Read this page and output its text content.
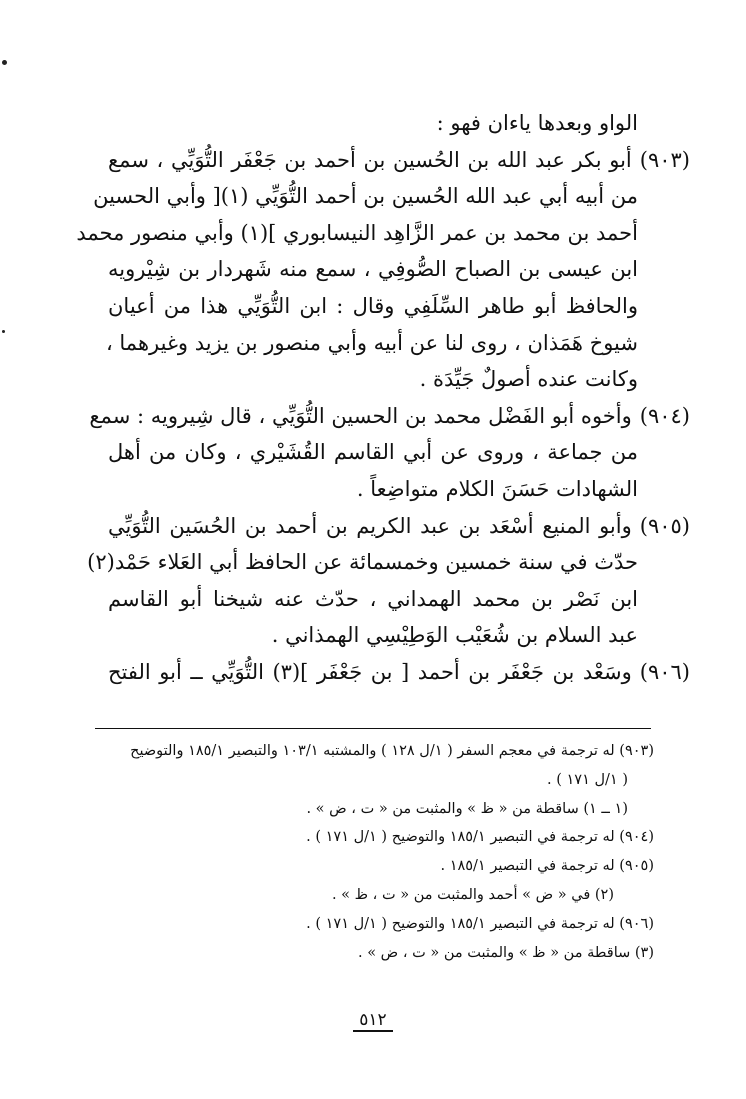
الواو وبعدها ياءان فهو :
(٩٠٣)أبو بكر عبد الله بن الحُسين بن أحمد بن جَعْفَر التُّوَيِّي ، سمع
من أبيه أبي عبد الله الحُسين بن أحمد التُّوَيِّي (١)[ وأبي الحسين
أحمد بن محمد بن عمر الزَّاهِد النيسابوري ](١) وأبي منصور محمد
ابن عيسى بن الصباح الصُّوفِي ، سمع منه شَهردار بن شِيْرويه
والحافظ أبو طاهر السِّلَفِي وقال : ابن التُّوَيِّي هذا من أعيان
شيوخ هَمَذان ، روى لنا عن أبيه وأبي منصور بن يزيد وغيرهما ،
وكانت عنده أصولٌ جَيِّدَة .
(٩٠٤)وأخوه أبو الفَضْل محمد بن الحسين التُّوَيِّي ، قال شِيرويه : سمع
من جماعة ، وروى عن أبي القاسم القُشَيْري ، وكان من أهل
الشهادات حَسَنَ الكلام متواضِعاً .
(٩٠٥)وأبو المنيع أسْعَد بن عبد الكريم بن أحمد بن الحُسَين التُّوَيِّي
حدّث في سنة خمسين وخمسمائة عن الحافظ أبي العَلاء حَمْد(٢)
ابن نَصْر بن محمد الهمداني ، حدّث عنه شيخنا أبو القاسم
عبد السلام بن شُعَيْب الوَطِيْسِي الهمذاني .
(٩٠٦)وسَعْد بن جَعْفَر بن أحمد [ بن جَعْفَر ](٣) التُّوَيِّي ــ أبو الفتح
(٩٠٣) له ترجمة في معجم السفر ( ١/ل ١٢٨ ) والمشتبه ١٠٣/١ والتبصير ١٨٥/١ والتوضيح
( ١/ل ١٧١ ) .
(١ ــ ١) ساقطة من « ظ » والمثبت من « ت ، ض » .
(٩٠٤) له ترجمة في التبصير ١٨٥/١ والتوضيح ( ١/ل ١٧١ ) .
(٩٠٥) له ترجمة في التبصير ١٨٥/١ .
(٢) في « ض » أحمد والمثبت من « ت ، ظ » .
(٩٠٦) له ترجمة في التبصير ١٨٥/١ والتوضيح ( ١/ل ١٧١ ) .
(٣) ساقطة من « ظ » والمثبت من « ت ، ض » .
٥١٢
